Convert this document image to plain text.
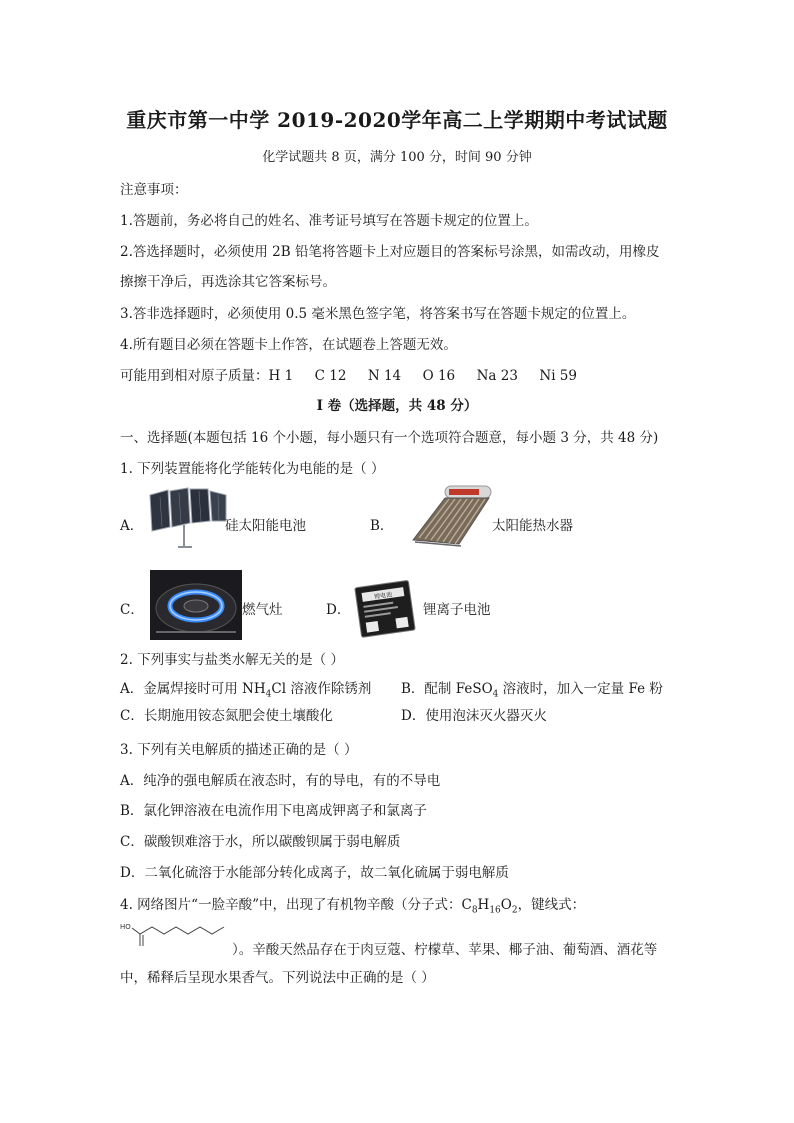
重庆市第一中学 2019-2020学年高二上学期期中考试试题
化学试题共 8 页，满分 100 分，时间 90 分钟
注意事项：
1.答题前，务必将自己的姓名、准考证号填写在答题卡规定的位置上。
2.答选择题时，必须使用 2B 铅笔将答题卡上对应题目的答案标号涂黑，如需改动，用橡皮
擦擦干净后，再选涂其它答案标号。
3.答非选择题时，必须使用 0.5 毫米黑色签字笔，将答案书写在答题卡规定的位置上。
4.所有题目必须在答题卡上作答，在试题卷上答题无效。
可能用到相对原子质量：H 1     C 12     N 14     O 16     Na 23     Ni 59
I 卷（选择题，共 48 分）
一、选择题(本题包括 16 个小题，每小题只有一个选项符合题意，每小题 3 分，共 48 分)
1. 下列装置能将化学能转化为电能的是（ ）
A．	硅太阳能电池	B．	太阳能热水器
C．	燃气灶	D．
锂电池
锂离子电池
2. 下列事实与盐类水解无关的是（ ）
A．金属焊接时可用 $NH_4Cl$ 溶液作除锈剂 B．配制 FeSO$_4$ 溶液时，加入一定量 Fe 粉
C．长期施用铵态氮肥会使土壤酸化	D．使用泡沫灭火器灭火
3. 下列有关电解质的描述正确的是（ ）
A．纯净的强电解质在液态时，有的导电，有的不导电
B．氯化钾溶液在电流作用下电离成钾离子和氯离子
C．碳酸钡难溶于水，所以碳酸钡属于弱电解质
D．二氧化硫溶于水能部分转化成离子，故二氧化硫属于弱电解质
4. 网络图片“一脸辛酸”中，出现了有机物辛酸（分子式：$C_8H_{16}O_2$，键线式：
HO
）。辛酸天然品存在于肉豆蔻、柠檬草、苹果、椰子油、葡萄酒、酒花等
中，稀释后呈现水果香气。下列说法中正确的是（ ）
